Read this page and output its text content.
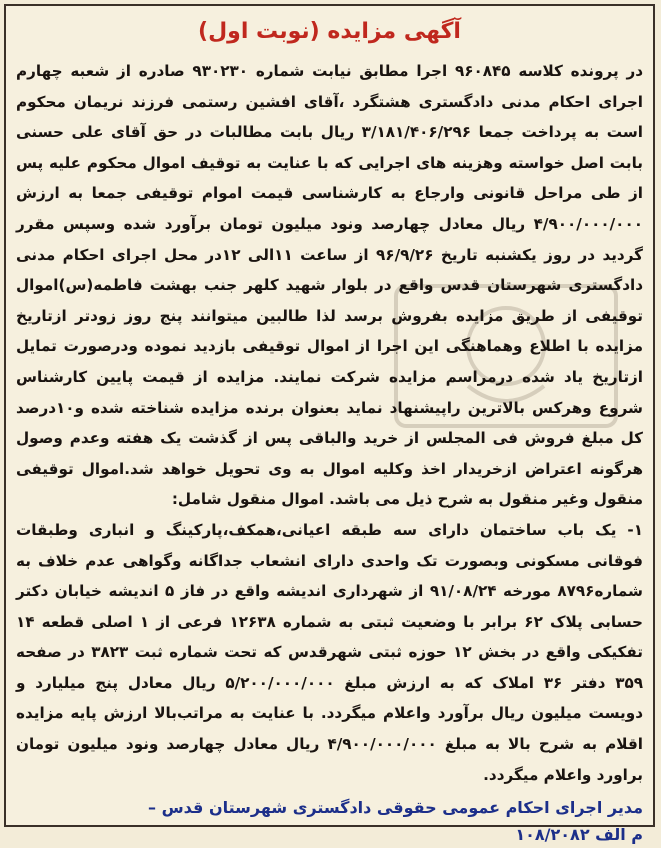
آگهی مزایده (نوبت اول)

در پرونده کلاسه ۹۶۰۸۴۵ اجرا مطابق نیابت شماره ۹۳۰۲۳۰ صادره از شعبه چهارم اجرای احکام مدنی دادگستری هشتگرد ،آقای افشین رستمی فرزند نریمان محکوم است به پرداخت جمعا ۳/۱۸۱/۴۰۶/۲۹۶ ریال بابت مطالبات در حق آقای علی حسنی بابت اصل خواسته وهزینه های اجرایی که با عنایت به توقیف اموال محکوم علیه پس از طی مراحل قانونی وارجاع به کارشناسی قیمت اموام توقیفی جمعا به ارزش ۴/۹۰۰/۰۰۰/۰۰۰ ریال معادل چهارصد ونود میلیون تومان برآورد شده وسپس مقرر گردید در روز یکشنبه تاریخ ۹۶/۹/۲۶ از ساعت ۱۱الی ۱۲در محل اجرای احکام مدنی دادگستری شهرستان قدس واقع در بلوار شهید کلهر جنب بهشت فاطمه(س)اموال توقیفی از طریق مزایده بفروش برسد لذا طالبین میتوانند پنج روز زودتر ازتاریخ مزایده با اطلاع وهماهنگی این اجرا از اموال توقیفی بازدید نموده ودرصورت تمایل ازتاریخ یاد شده درمراسم مزایده شرکت نمایند. مزایده از قیمت پایین کارشناس شروع وهرکس بالاترین راپیشنهاد نماید بعنوان برنده مزایده شناخته شده و۱۰درصد کل مبلغ فروش فی المجلس از خرید والباقی پس از گذشت یک هفته وعدم وصول هرگونه اعتراض ازخریدار اخذ وکلیه اموال به وی تحویل خواهد شد.اموال توقیفی منقول وغیر منقول به شرح ذیل می باشد. اموال منقول شامل:

۱- یک باب ساختمان دارای سه طبقه اعیانی،همکف،پارکینگ و انباری وطبقات فوقانی مسکونی وبصورت تک واحدی دارای انشعاب جداگانه وگواهی عدم خلاف به شماره۸۷۹۶ مورخه ۹۱/۰۸/۲۴ از شهرداری اندیشه واقع در فاز ۵ اندیشه خیابان دکتر حسابی پلاک ۶۲ برابر با وضعیت ثبتی به شماره ۱۲۶۳۸ فرعی از ۱ اصلی قطعه ۱۴ تفکیکی واقع در بخش ۱۲ حوزه ثبتی شهرقدس که تحت شماره ثبت ۳۸۲۳ در صفحه ۳۵۹ دفتر ۳۶ املاک که به ارزش مبلغ ۵/۲۰۰/۰۰۰/۰۰۰ ریال معادل پنج میلیارد و دویست میلیون ریال برآورد واعلام میگردد. با عنایت به مراتب‌بالا ارزش پایه مزایده اقلام به شرح بالا به مبلغ ۴/۹۰۰/۰۰۰/۰۰۰ ریال معادل چهارصد ونود میلیون تومان براورد واعلام میگردد.

مدیر اجرای احکام عمومی حقوقی دادگستری شهرستان قدس –
م الف ۱۰۸/۲۰۸۲
